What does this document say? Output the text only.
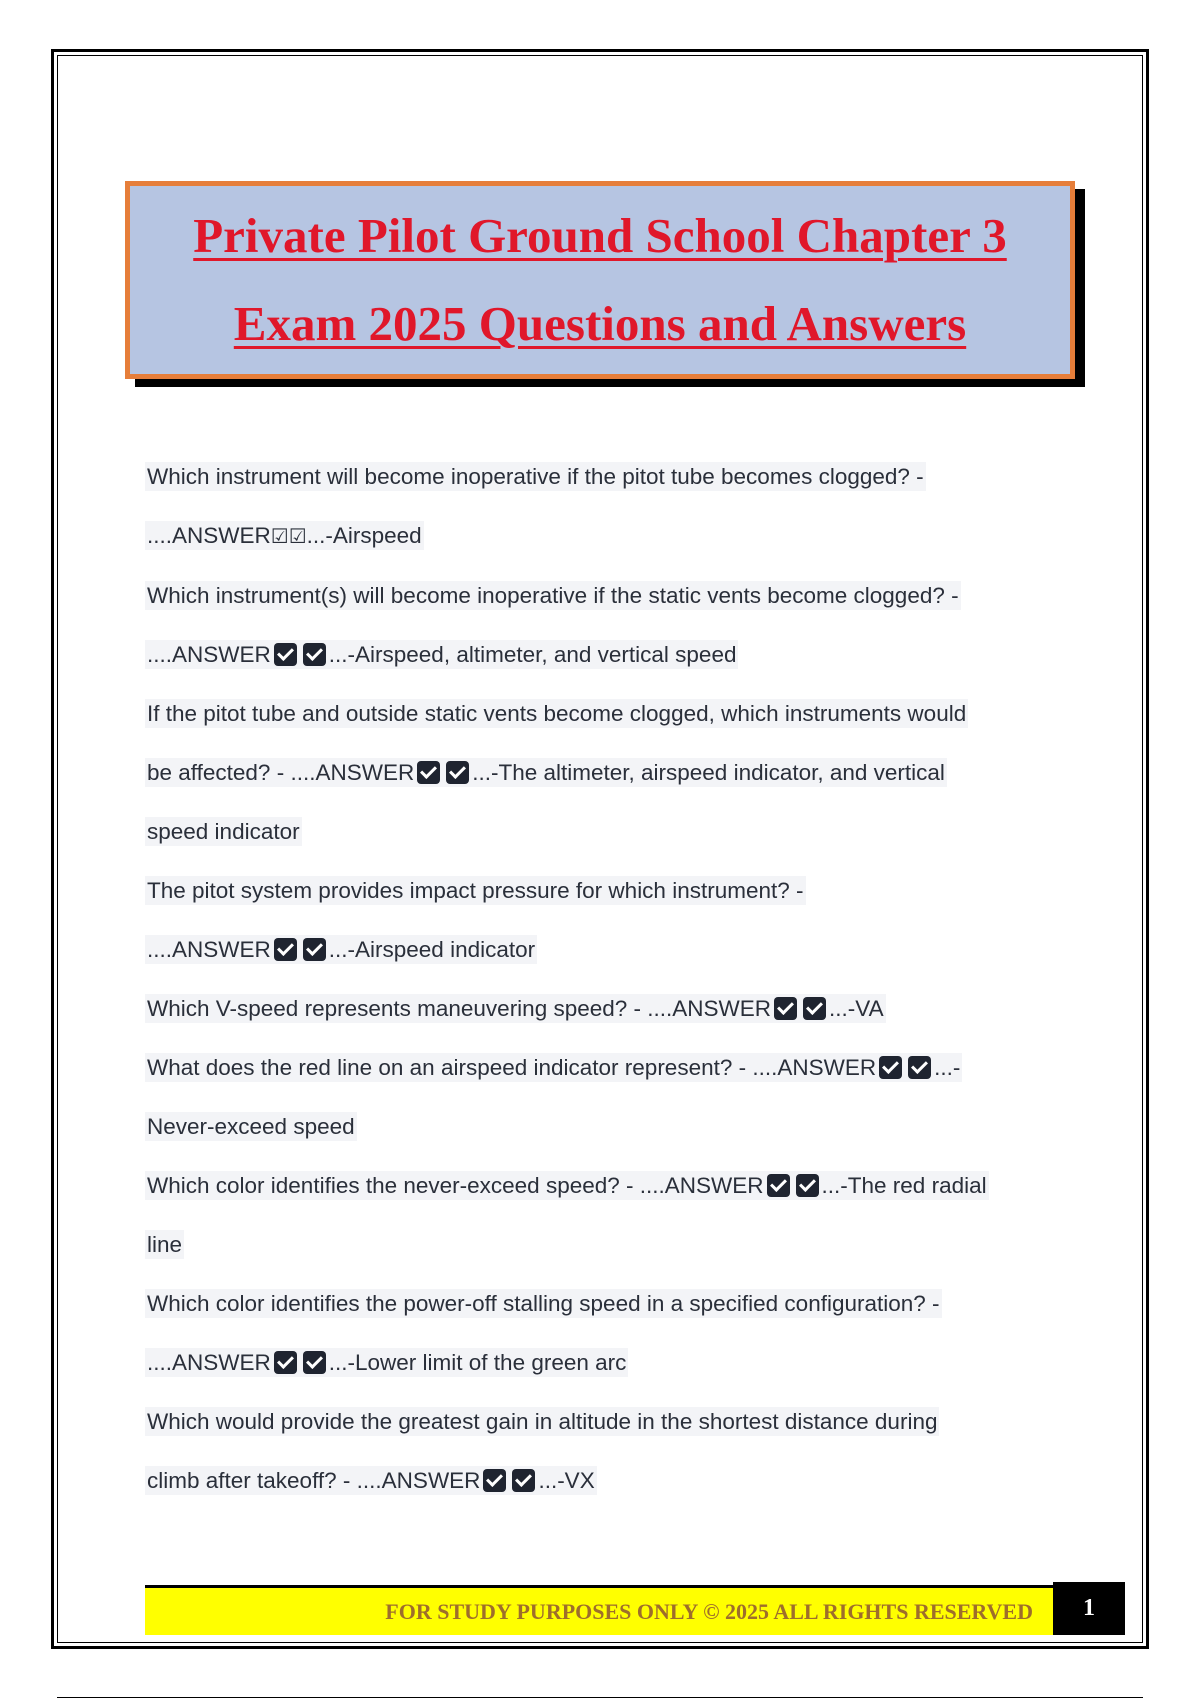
Private Pilot Ground School Chapter 3
Exam 2025 Questions and Answers
Which instrument will become inoperative if the pitot tube becomes clogged? -
....ANSWER☑☑...-Airspeed
Which instrument(s) will become inoperative if the static vents become clogged? -
....ANSWER	...-Airspeed, altimeter, and vertical speed
If the pitot tube and outside static vents become clogged, which instruments would
be affected? - ....ANSWER	...-The altimeter, airspeed indicator, and vertical
speed indicator
The pitot system provides impact pressure for which instrument? -
....ANSWER	...-Airspeed indicator
Which V-speed represents maneuvering speed? - ....ANSWER	...-VA
What does the red line on an airspeed indicator represent? - ....ANSWER	...-
Never-exceed speed
Which color identifies the never-exceed speed? - ....ANSWER	...-The red radial
line
Which color identifies the power-off stalling speed in a specified configuration? -
....ANSWER	...-Lower limit of the green arc
Which would provide the greatest gain in altitude in the shortest distance during
climb after takeoff? - ....ANSWER	...-VX
FOR STUDY PURPOSES ONLY © 2025 ALL RIGHTS RESERVED 1
